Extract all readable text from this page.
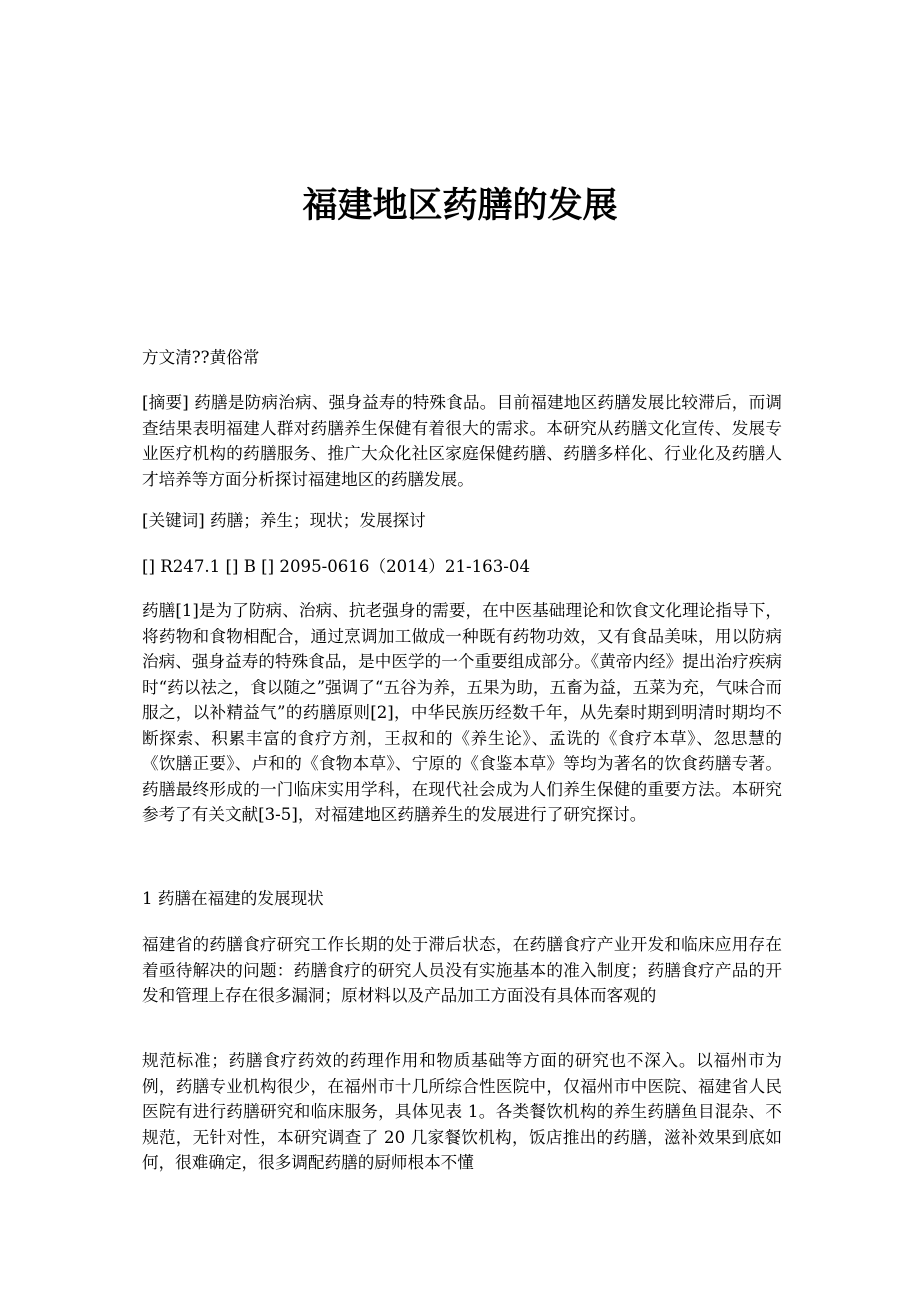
福建地区药膳的发展

方文清??黄俗常

[摘要] 药膳是防病治病、强身益寿的特殊食品。目前福建地区药膳发展比较滞后，而调查结果表明福建人群对药膳养生保健有着很大的需求。本研究从药膳文化宣传、发展专业医疗机构的药膳服务、推广大众化社区家庭保健药膳、药膳多样化、行业化及药膳人才培养等方面分析探讨福建地区的药膳发展。

[关键词] 药膳；养生；现状；发展探讨

[] R247.1 [] B [] 2095-0616（2014）21-163-04

药膳[1]是为了防病、治病、抗老强身的需要，在中医基础理论和饮食文化理论指导下，将药物和食物相配合，通过烹调加工做成一种既有药物功效，又有食品美味，用以防病治病、强身益寿的特殊食品，是中医学的一个重要组成部分。《黄帝内经》提出治疗疾病时“药以祛之，食以随之”强调了“五谷为养，五果为助，五畜为益，五菜为充，气味合而服之，以补精益气”的药膳原则[2]，中华民族历经数千年，从先秦时期到明清时期均不断探索、积累丰富的食疗方剂，王叔和的《养生论》、孟诜的《食疗本草》、忽思慧的《饮膳正要》、卢和的《食物本草》、宁原的《食鉴本草》等均为著名的饮食药膳专著。药膳最终形成的一门临床实用学科，在现代社会成为人们养生保健的重要方法。本研究参考了有关文献[3-5]，对福建地区药膳养生的发展进行了研究探讨。

1 药膳在福建的发展现状

福建省的药膳食疗研究工作长期的处于滞后状态，在药膳食疗产业开发和临床应用存在着亟待解决的问题：药膳食疗的研究人员没有实施基本的准入制度；药膳食疗产品的开发和管理上存在很多漏洞；原材料以及产品加工方面没有具体而客观的

规范标准；药膳食疗药效的药理作用和物质基础等方面的研究也不深入。以福州市为例，药膳专业机构很少，在福州市十几所综合性医院中，仅福州市中医院、福建省人民医院有进行药膳研究和临床服务，具体见表 1。各类餐饮机构的养生药膳鱼目混杂、不规范，无针对性，本研究调查了 20 几家餐饮机构，饭店推出的药膳，滋补效果到底如何，很难确定，很多调配药膳的厨师根本不懂
